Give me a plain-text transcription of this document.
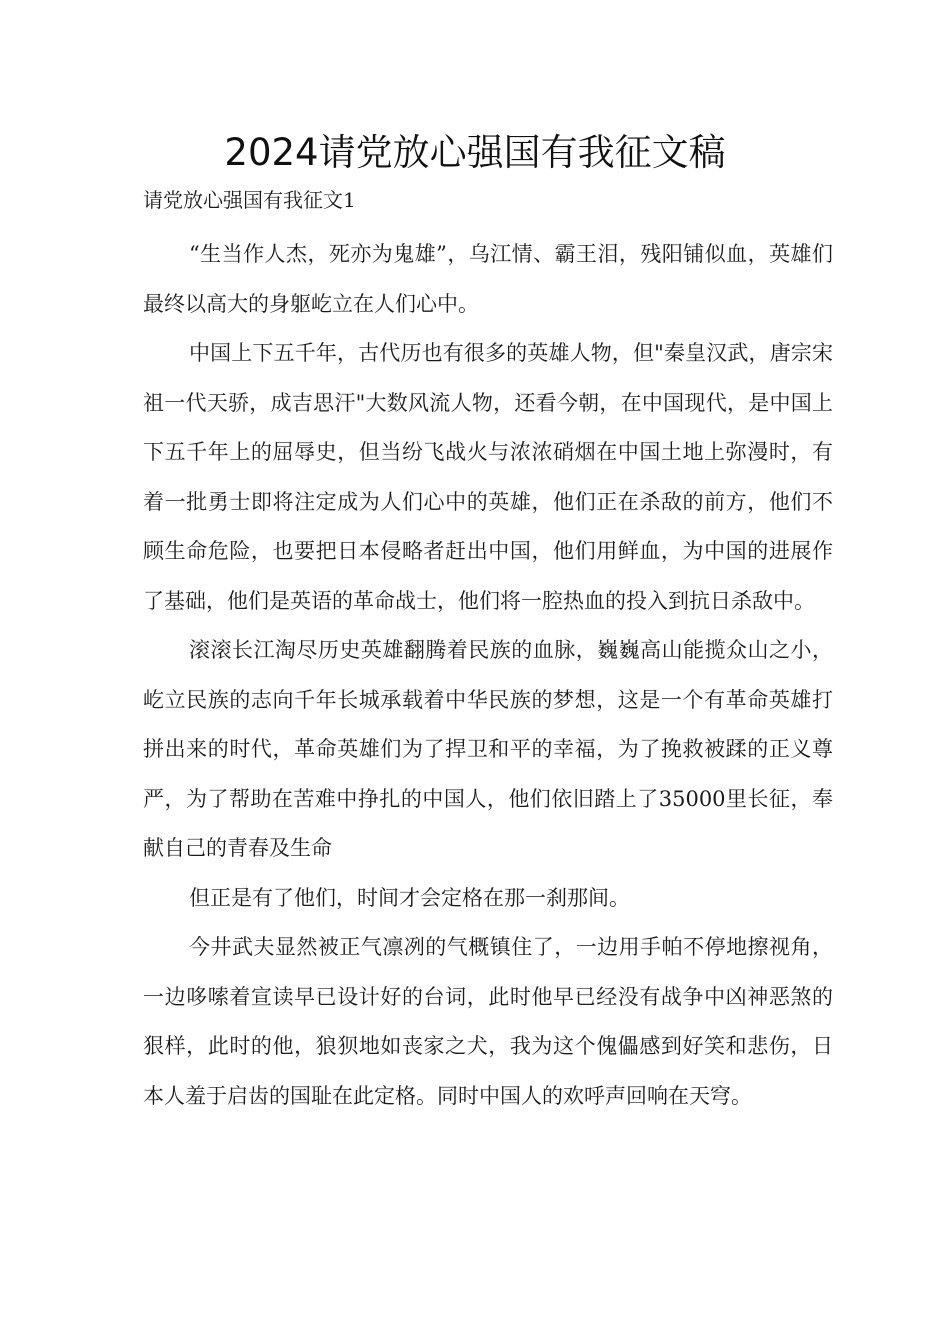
2024请党放心强国有我征文稿

请党放心强国有我征文1

“生当作人杰，死亦为鬼雄”，乌江情、霸王泪，残阳铺似血，英雄们最终以高大的身躯屹立在人们心中。

中国上下五千年，古代历也有很多的英雄人物，但"秦皇汉武，唐宗宋祖一代天骄，成吉思汗"大数风流人物，还看今朝，在中国现代，是中国上下五千年上的屈辱史，但当纷飞战火与浓浓硝烟在中国土地上弥漫时，有着一批勇士即将注定成为人们心中的英雄，他们正在杀敌的前方，他们不顾生命危险，也要把日本侵略者赶出中国，他们用鲜血，为中国的进展作了基础，他们是英语的革命战士，他们将一腔热血的投入到抗日杀敌中。

滚滚长江淘尽历史英雄翻腾着民族的血脉，巍巍高山能揽众山之小，屹立民族的志向千年长城承载着中华民族的梦想，这是一个有革命英雄打拼出来的时代，革命英雄们为了捍卫和平的幸福，为了挽救被蹂的正义尊严，为了帮助在苦难中挣扎的中国人，他们依旧踏上了35000里长征，奉献自己的青春及生命

但正是有了他们，时间才会定格在那一刹那间。

今井武夫显然被正气凛冽的气概镇住了，一边用手帕不停地擦视角，一边哆嗦着宣读早已设计好的台词，此时他早已经没有战争中凶神恶煞的狠样，此时的他，狼狈地如丧家之犬，我为这个傀儡感到好笑和悲伤，日本人羞于启齿的国耻在此定格。同时中国人的欢呼声回响在天穹。
